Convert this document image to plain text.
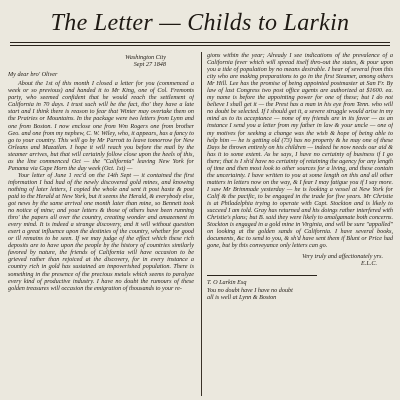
The Letter — Childs to Larkin
Washington City
Sept 27 1848
My dear bro' Oliver

About the 1st of this month I closed a letter for you (commenced a week or so previous) and handed it to Mr King, one of Col. Fremonts party, who seemed confident that he would reach the settlement of California in 70 days. I trust such will be the fact, tho' they have a late start and I think there is reason to fear that Winter may overtake them on the Prairies or Mountains. In the package were two letters from Lynn and one from Boston. I now enclose one from Wm Rogers one from brother Geo. and one from my nephew, C. W. Wiley, who, it appears, has a fancy to go to your country. This will go by Mr Parrott to leave tomorrow for New Orleans and Mazatlan. I hope it will reach you before the mail by the steamer arrives, but that will certainly follow close upon the heels of this, as the line commenced Oct — the "California" leaving New York for Panama via Cape Horn the day week (Oct. 1st) —

Your letter of June 1 rec'd on the 14th Sept — it contained the first information I had had of the newly discovered gold mines, and knowing nothing of later letters, I copied the whole and sent it post haste & post paid to the Herald at New York, but it seems the Herald, & everybody else, got news by the same arrival one month later than mine, so Bennett took no notice of mine; and your letters & those of others have been running thro' the papers all over the country, creating wonder and amazement in every mind. It is indeed a strange discovery, and it will without question exert a great influence upon the destinies of the country, whether for good or ill remains to be seen. If we may judge of the effect which these rich deposits are to have upon the people by the history of countries similarly favored by nature, the friends of California will have occasion to be grieved rather than rejoiced at the discovery, for in every instance a country rich in gold has sustained an impoverished population. There is something in the presence of the precious metals which seems to paralyze every kind of productive industry. I have no doubt the rumours of these golden treasures will occasion the emigration of thousands to your re-

gions within the year; Already I see indications of the prevalence of a California fever which will spread itself thro-out the states, & pour upon you a tide of population by no means desirable. I hear of several from this city who are making preparations to go in the first Steamer, among others Mr Hill. Lee has the promise of being appointed postmaster at San Fr. By law of last Congress two post office agents are authorized at $1600. ea. my name is before the appointing power for one of these; but I do not believe I shall get it — the Prest has a man in his eye from Tenn. who will no doubt be selected. If I should get it, a severe struggle would arise in my mind as to its acceptance — none of my friends are in its favor — as an instance I send you a letter from my father in law & your uncle — one of my motives for seeking a change was the wish & hope of being able to help him — he is getting old (73) has no property & he may one of these Days be thrown entirely on his children — indeed he now needs our aid & has it to some extent. As he says, I have no certainty of business if I go there; that is I sh'd have no certainty of retaining the agency for any length of time and then most look to other sources for a living, and these contain the uncertainty. I have written to you at some length on this and all other matters in letters now on the way, & I fear I may fatigue you if I say more. I saw Mr Brimmade yesterday — he is looking a vessel at New York for Calif & the pacific, to be engaged in the trade for five years. Mr Christie is at Philadelphia trying to operate with Capt. Stockton and is likely to succeed I am told. Gray has returned and his doings rather interfered with Christie's plans; but B. said they were likely to amalgamate both concerns. Stockton is engaged in a gold mine in Virginia, and will be sure "appalled" on looking at the golden sands of California. I have several books, documents, &c to send to you, & sh'd have sent them if Blunt or Price had gone, but by this conveyance only letters can go.

Very truly and affectionately yrs.
E.L.C.
T. O Larkin Esq
You no doubt have I have no doubt
all is well at Lynn & Boston
